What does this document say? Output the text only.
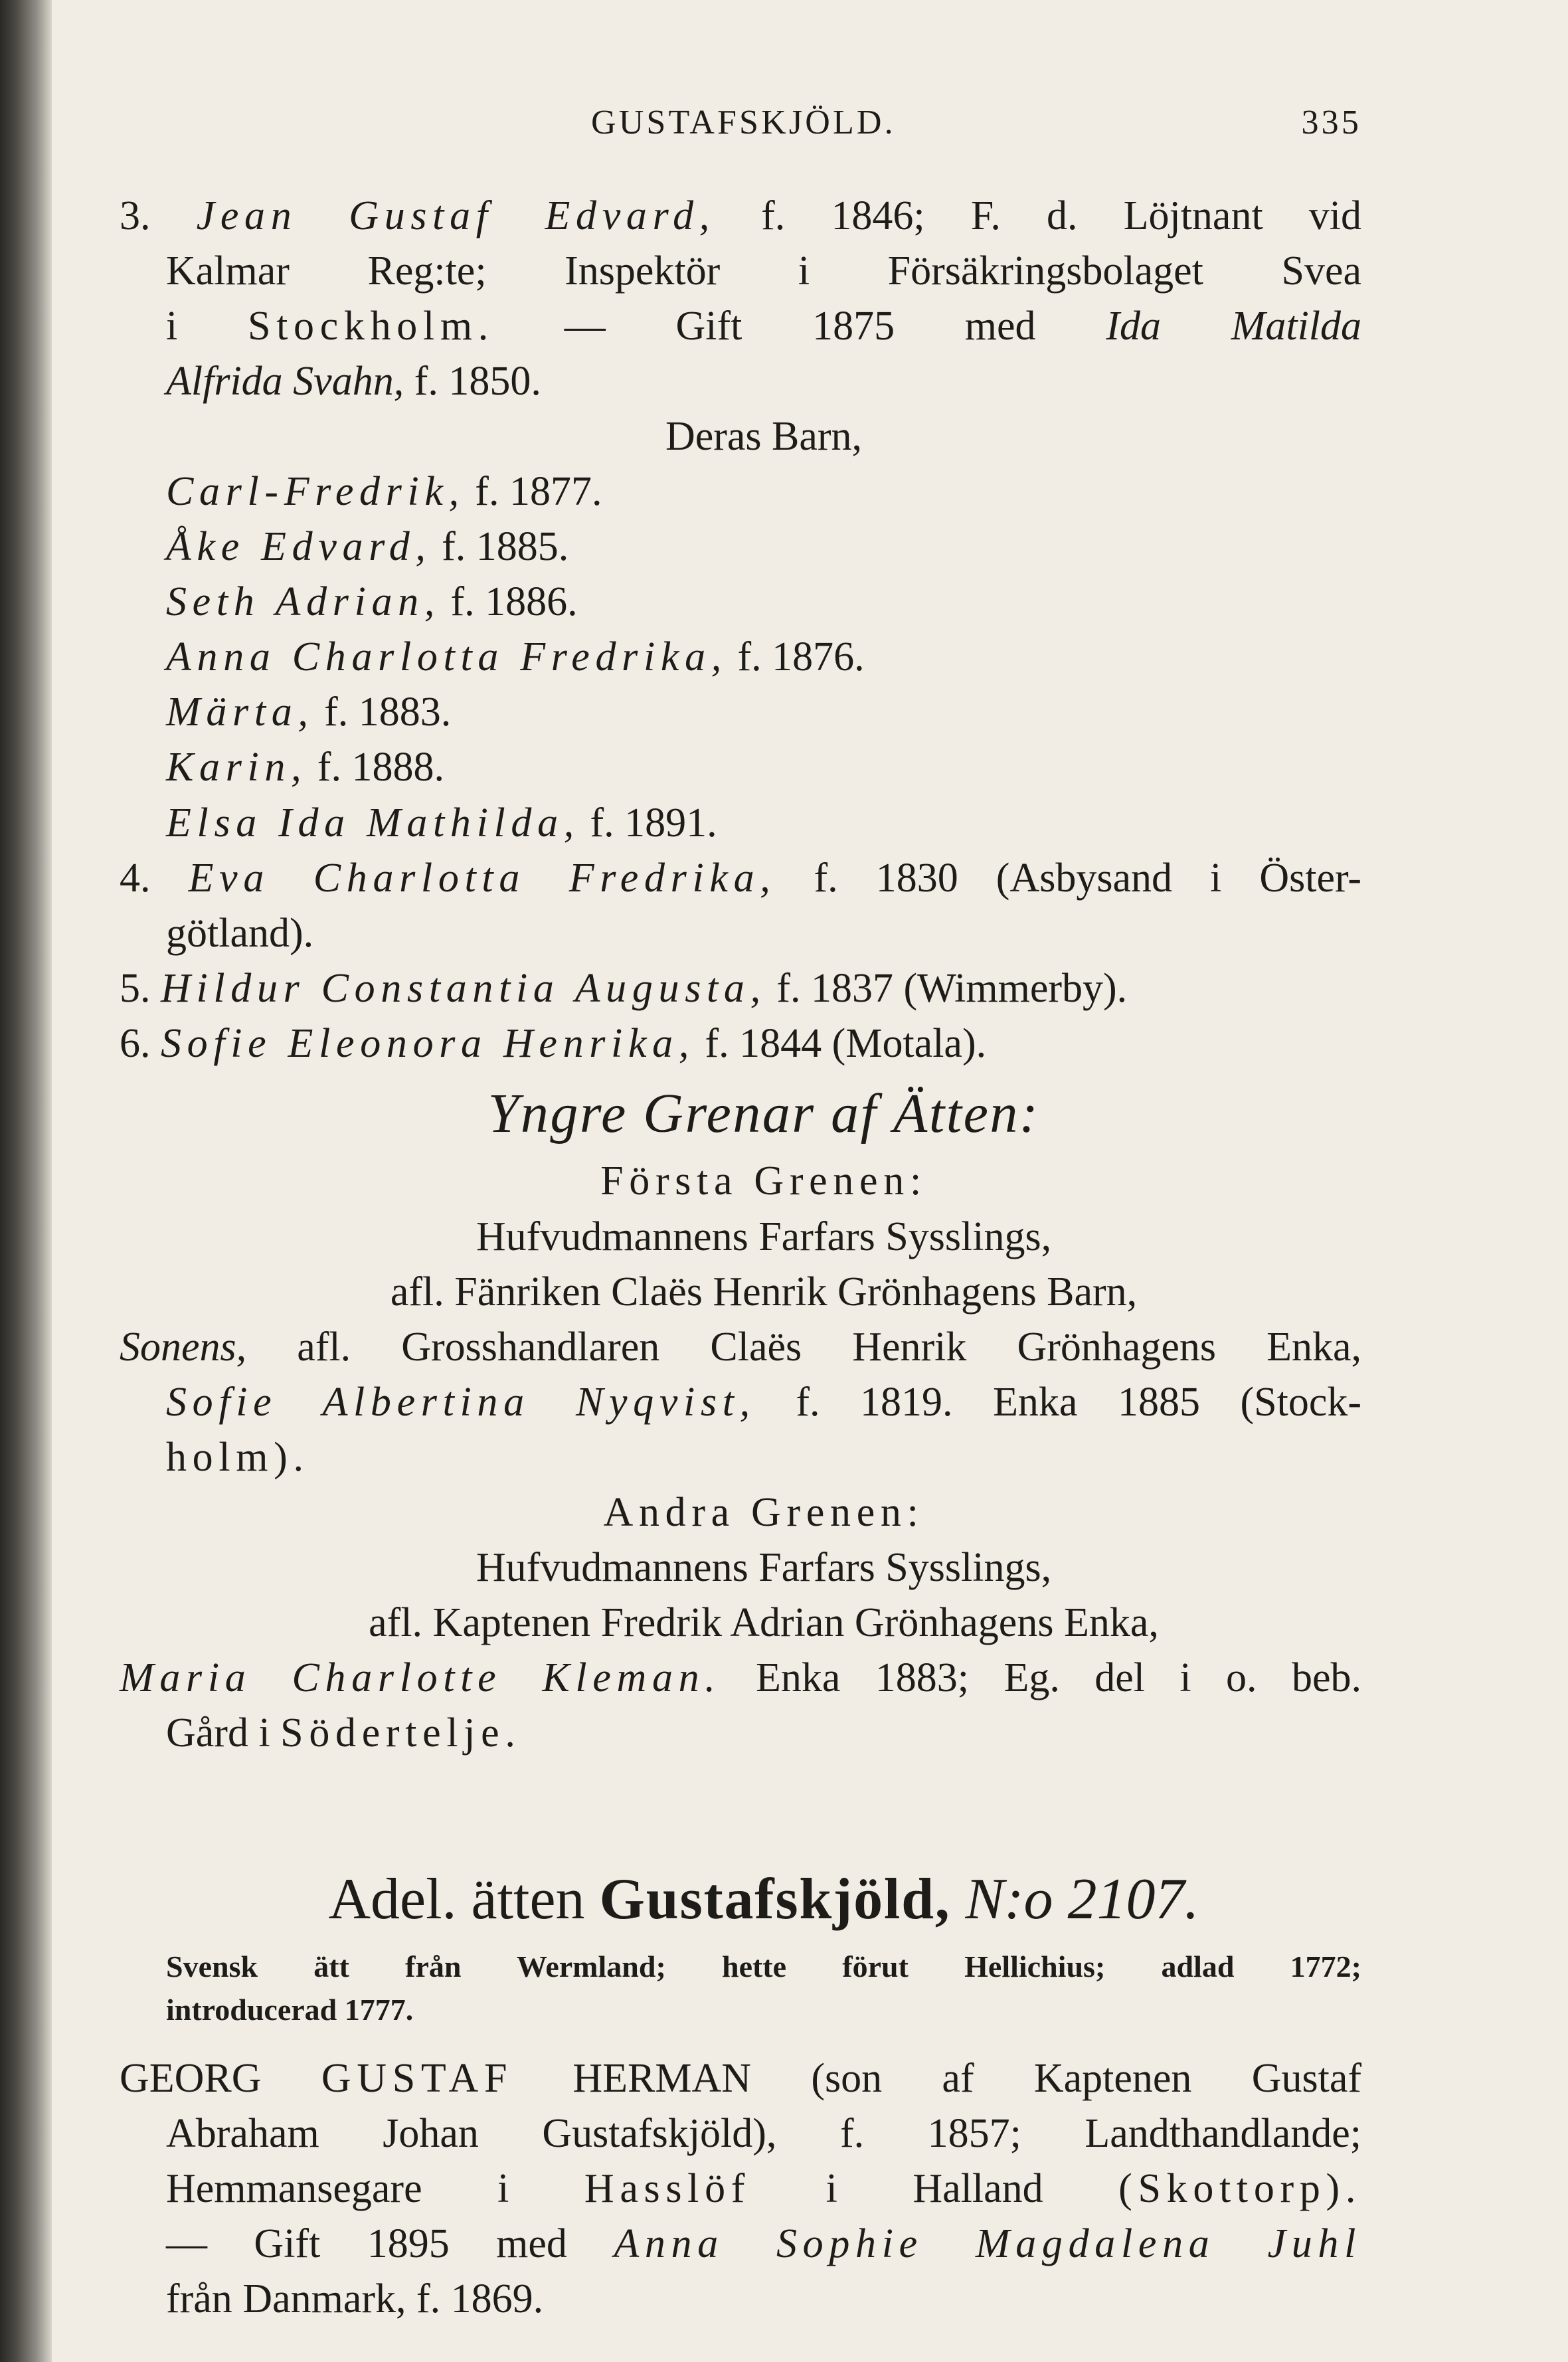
GUSTAFSKJÖLD.	335
3. Jean Gustaf Edvard, f. 1846; F. d. Löjtnant vid
Kalmar Reg:te; Inspektör i Försäkringsbolaget Svea
i Stockholm. — Gift 1875 med Ida Matilda
Alfrida Svahn, f. 1850.
Deras Barn,
Carl-Fredrik, f. 1877.
Åke Edvard, f. 1885.
Seth Adrian, f. 1886.
Anna Charlotta Fredrika, f. 1876.
Märta, f. 1883.
Karin, f. 1888.
Elsa Ida Mathilda, f. 1891.
4. Eva Charlotta Fredrika, f. 1830 (Asbysand i Öster-
götland).
5. Hildur Constantia Augusta, f. 1837 (Wimmerby).
6. Sofie Eleonora Henrika, f. 1844 (Motala).
Yngre Grenar af Ätten:
Första Grenen:
Hufvudmannens Farfars Sysslings,
afl. Fänriken Claës Henrik Grönhagens Barn,
Sonens, afl. Grosshandlaren Claës Henrik Grönhagens Enka,
Sofie Albertina Nyqvist, f. 1819. Enka 1885 (Stock-
holm).
Andra Grenen:
Hufvudmannens Farfars Sysslings,
afl. Kaptenen Fredrik Adrian Grönhagens Enka,
Maria Charlotte Kleman. Enka 1883; Eg. del i o. beb.
Gård i Södertelje.
Adel. ätten Gustafskjöld, N:o 2107.
Svensk ätt från Wermland; hette förut Hellichius; adlad 1772;
introducerad 1777.
GEORG GUSTAF HERMAN (son af Kaptenen Gustaf
Abraham Johan Gustafskjöld), f. 1857; Landthandlande;
Hemmansegare i Hasslöf i Halland (Skottorp).
— Gift 1895 med Anna Sophie Magdalena Juhl
från Danmark, f. 1869.
